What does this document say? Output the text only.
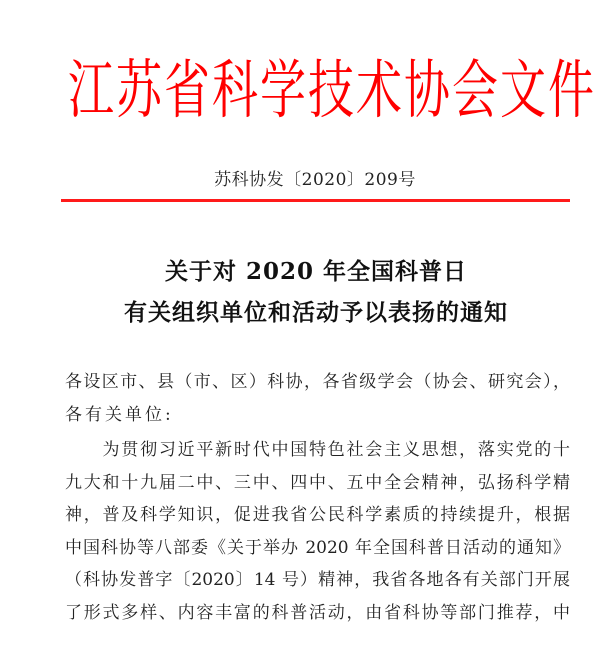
江苏省科学技术协会文件
苏科协发〔2020〕209号
关于对 2020 年全国科普日
有关组织单位和活动予以表扬的通知
各设区市、县（市、区）科协，各省级学会（协会、研究会），
各有关单位:
　　为贯彻习近平新时代中国特色社会主义思想，落实党的十
九大和十九届二中、三中、四中、五中全会精神，弘扬科学精
神，普及科学知识，促进我省公民科学素质的持续提升，根据
中国科协等八部委《关于举办 2020 年全国科普日活动的通知》
（科协发普字〔2020〕14 号）精神，我省各地各有关部门开展
了形式多样、内容丰富的科普活动，由省科协等部门推荐，中
